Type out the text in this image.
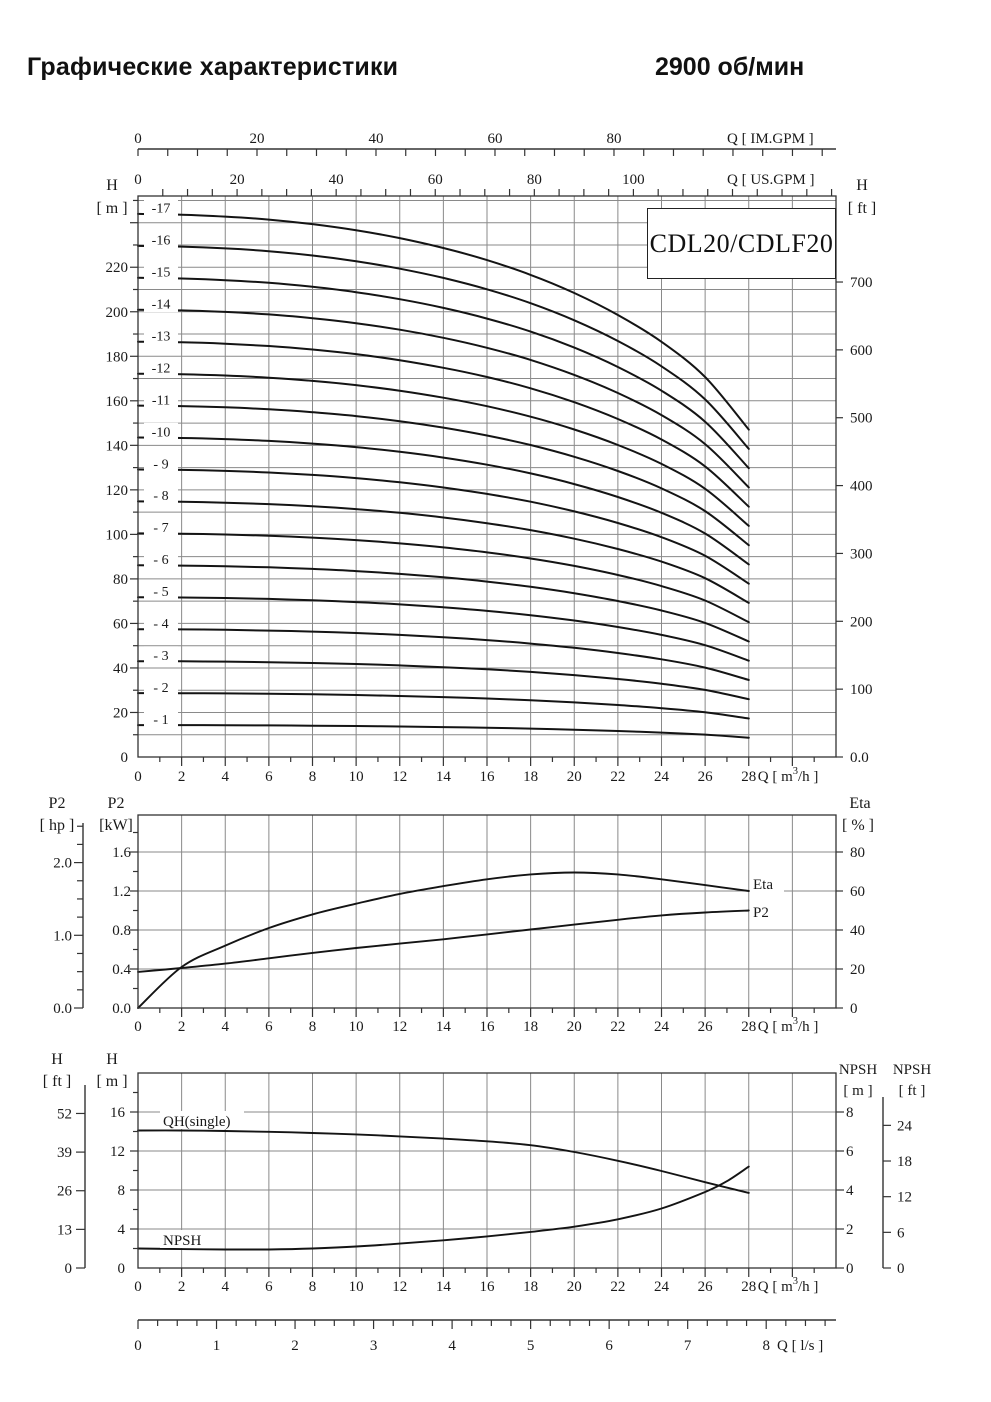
Графические характеристики	2900 об/мин
- 1
- 2
- 3
- 4
- 5
- 6
- 7
- 8
- 9
-10
-11
-12
-13
-14
-15
-16
-17
0
20
40
60
80
100
120
140
160
180
200
220
H
[ m ]
0.0
100
200
300
400
500
600
700
H
[ ft ]
0 2 4 6 8 10 12 14 16 18 20 22 24 26 28 Q [ $m^3/h$ ]
0	20	40	60	80	100	Q [ US.GPM ]
0	20	40	60	80	Q [ IM.GPM ]
Eta
P2
0.0
0.4
0.8
1.2
1.6
P2
[kW]
0.0
1.0
2.0
P2
[ hp ]
0
20
40
60
80
Eta
[ % ]
0 2 4 6 8 10 12 14 16 18 20 22 24 26 28 Q [ $m^3/h$ ]
QH(single)
NPSH
0
4
8
12
16
H
[ m ]
0
13
26
39
52
H
[ ft ]
0
2
4
6
8
NPSH
[ m ]
0
6
12
18
24
NPSH
[ ft ]
0 2 4 6 8 10 12 14 16 18 20 22 24 26 28 Q [ $m^3/h$ ]
0	1	2	3	4	5	6	7	8 Q [ l/s ]
CDL20/CDLF20
